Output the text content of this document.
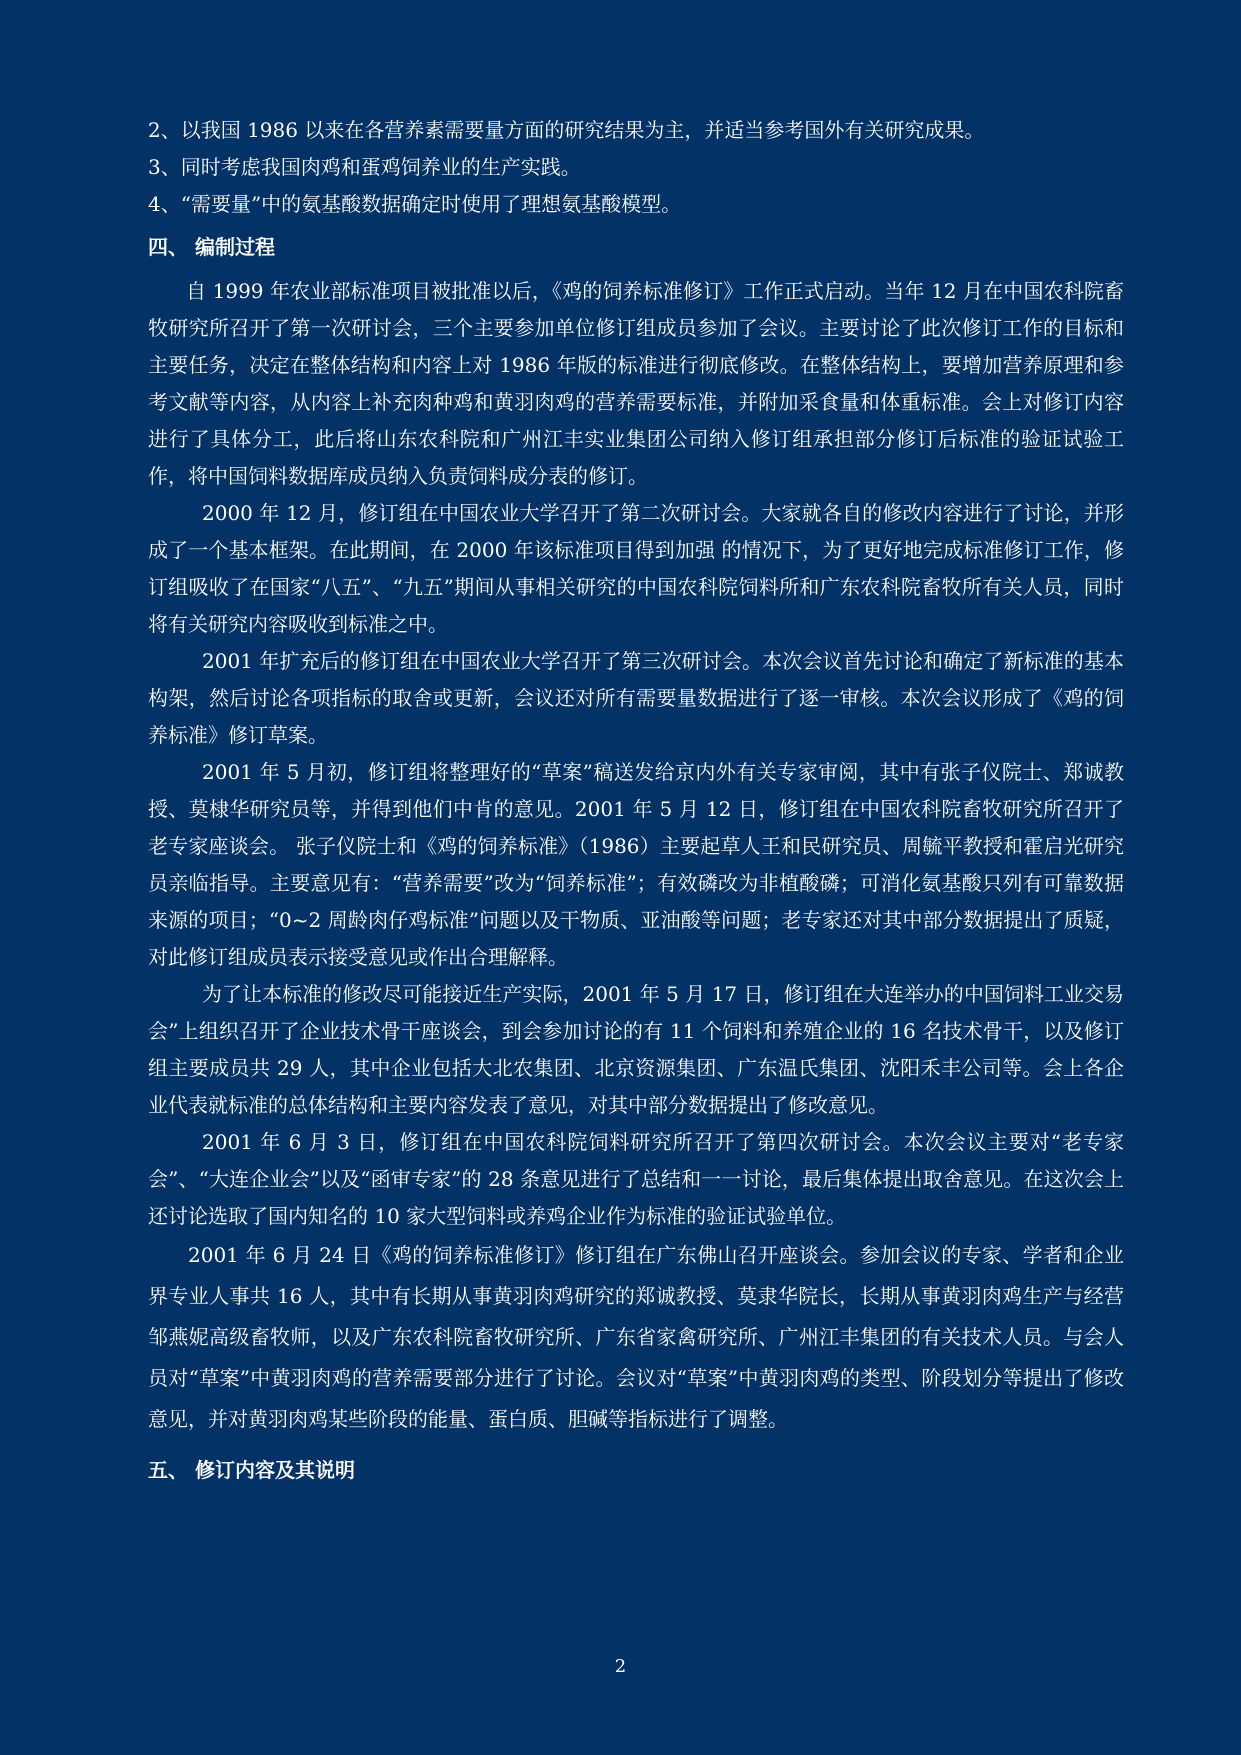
2、以我国 1986 以来在各营养素需要量方面的研究结果为主，并适当参考国外有关研究成果。

3、同时考虑我国肉鸡和蛋鸡饲养业的生产实践。

4、“需要量”中的氨基酸数据确定时使用了理想氨基酸模型。

四、 编制过程

自 1999 年农业部标准项目被批准以后，《鸡的饲养标准修订》工作正式启动。当年 12 月在中国农科院畜牧研究所召开了第一次研讨会，三个主要参加单位修订组成员参加了会议。主要讨论了此次修订工作的目标和主要任务，决定在整体结构和内容上对 1986 年版的标准进行彻底修改。在整体结构上，要增加营养原理和参考文献等内容，从内容上补充肉种鸡和黄羽肉鸡的营养需要标准，并附加采食量和体重标准。会上对修订内容进行了具体分工，此后将山东农科院和广州江丰实业集团公司纳入修订组承担部分修订后标准的验证试验工作，将中国饲料数据库成员纳入负责饲料成分表的修订。

2000 年 12 月，修订组在中国农业大学召开了第二次研讨会。大家就各自的修改内容进行了讨论，并形成了一个基本框架。在此期间，在 2000 年该标准项目得到加强 的情况下，为了更好地完成标准修订工作，修订组吸收了在国家“八五”、“九五”期间从事相关研究的中国农科院饲料所和广东农科院畜牧所有关人员，同时将有关研究内容吸收到标准之中。

2001 年扩充后的修订组在中国农业大学召开了第三次研讨会。本次会议首先讨论和确定了新标准的基本构架，然后讨论各项指标的取舍或更新，会议还对所有需要量数据进行了逐一审核。本次会议形成了《鸡的饲养标准》修订草案。

2001 年 5 月初，修订组将整理好的“草案”稿送发给京内外有关专家审阅，其中有张子仪院士、郑诚教授、莫棣华研究员等，并得到他们中肯的意见。2001 年 5 月 12 日，修订组在中国农科院畜牧研究所召开了老专家座谈会。 张子仪院士和《鸡的饲养标准》（1986）主要起草人王和民研究员、周毓平教授和霍启光研究员亲临指导。主要意见有：“营养需要”改为“饲养标准”；有效磷改为非植酸磷；可消化氨基酸只列有可靠数据来源的项目；“0~2 周龄肉仔鸡标准”问题以及干物质、亚油酸等问题；老专家还对其中部分数据提出了质疑，对此修订组成员表示接受意见或作出合理解释。

为了让本标准的修改尽可能接近生产实际，2001 年 5 月 17 日，修订组在大连举办的中国饲料工业交易会”上组织召开了企业技术骨干座谈会，到会参加讨论的有 11 个饲料和养殖企业的 16 名技术骨干，以及修订组主要成员共 29 人，其中企业包括大北农集团、北京资源集团、广东温氏集团、沈阳禾丰公司等。会上各企业代表就标准的总体结构和主要内容发表了意见，对其中部分数据提出了修改意见。

2001 年 6 月 3 日，修订组在中国农科院饲料研究所召开了第四次研讨会。本次会议主要对“老专家会”、“大连企业会”以及“函审专家”的 28 条意见进行了总结和一一讨论，最后集体提出取舍意见。在这次会上还讨论选取了国内知名的 10 家大型饲料或养鸡企业作为标准的验证试验单位。

2001 年 6 月 24 日《鸡的饲养标准修订》修订组在广东佛山召开座谈会。参加会议的专家、学者和企业界专业人事共 16 人，其中有长期从事黄羽肉鸡研究的郑诚教授、莫隶华院长，长期从事黄羽肉鸡生产与经营邹燕妮高级畜牧师，以及广东农科院畜牧研究所、广东省家禽研究所、广州江丰集团的有关技术人员。与会人员对“草案”中黄羽肉鸡的营养需要部分进行了讨论。会议对“草案”中黄羽肉鸡的类型、阶段划分等提出了修改意见，并对黄羽肉鸡某些阶段的能量、蛋白质、胆碱等指标进行了调整。

五、 修订内容及其说明
2
